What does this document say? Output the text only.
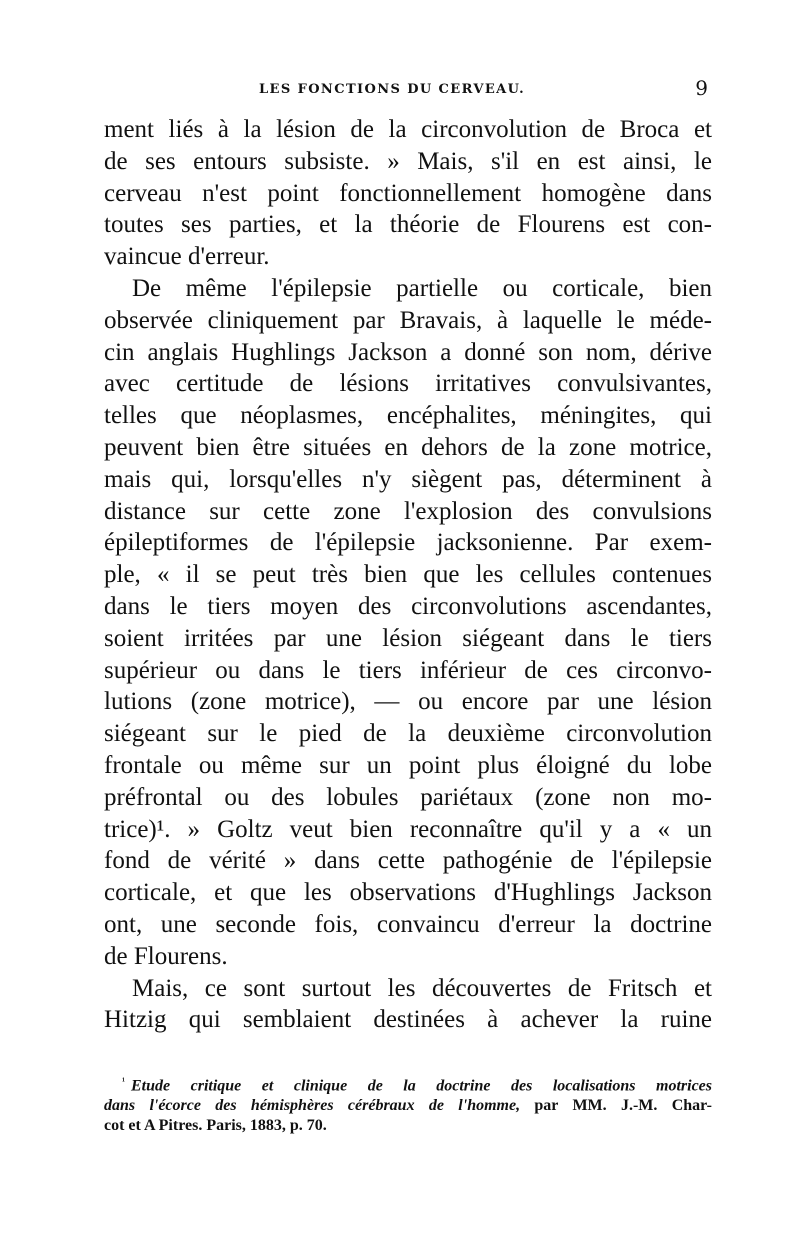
LES FONCTIONS DU CERVEAU.	9
ment liés à la lésion de la circonvolution de Broca et
de ses entours subsiste. » Mais, s'il en est ainsi, le
cerveau n'est point fonctionnellement homogène dans
toutes ses parties, et la théorie de Flourens est con-
vaincue d'erreur.
De même l'épilepsie partielle ou corticale, bien
observée cliniquement par Bravais, à laquelle le méde-
cin anglais Hughlings Jackson a donné son nom, dérive
avec certitude de lésions irritatives convulsivantes,
telles que néoplasmes, encéphalites, méningites, qui
peuvent bien être situées en dehors de la zone motrice,
mais qui, lorsqu'elles n'y siègent pas, déterminent à
distance sur cette zone l'explosion des convulsions
épileptiformes de l'épilepsie jacksonienne. Par exem-
ple, « il se peut très bien que les cellules contenues
dans le tiers moyen des circonvolutions ascendantes,
soient irritées par une lésion siégeant dans le tiers
supérieur ou dans le tiers inférieur de ces circonvo-
lutions (zone motrice), — ou encore par une lésion
siégeant sur le pied de la deuxième circonvolution
frontale ou même sur un point plus éloigné du lobe
préfrontal ou des lobules pariétaux (zone non mo-
trice)¹. » Goltz veut bien reconnaître qu'il y a « un
fond de vérité » dans cette pathogénie de l'épilepsie
corticale, et que les observations d'Hughlings Jackson
ont, une seconde fois, convaincu d'erreur la doctrine
de Flourens.
Mais, ce sont surtout les découvertes de Fritsch et
Hitzig qui semblaient destinées à achever la ruine
$^{^1}$ Etude critique et clinique de la doctrine des localisations motrices
dans l'écorce des hémisphères cérébraux de l'homme, par MM. J.-M. Char-
cot et A Pitres. Paris, 1883, p. 70.
